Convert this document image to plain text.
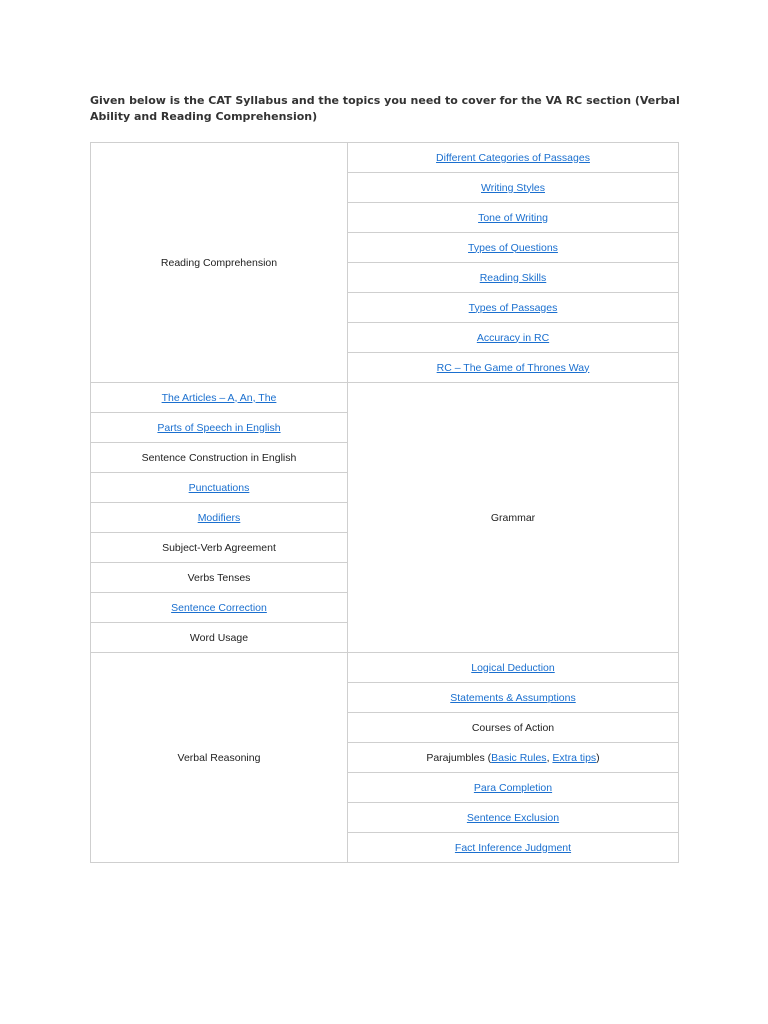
Given below is the CAT Syllabus and the topics you need to cover for the VA RC section (Verbal Ability and Reading Comprehension)
Reading Comprehension	Different Categories of Passages
	Writing Styles
	Tone of Writing
	Types of Questions
	Reading Skills
	Types of Passages
	Accuracy in RC
	RC – The Game of Thrones Way
The Articles – A, An, The	Grammar
Parts of Speech in English	
Sentence Construction in English	
Punctuations	
Modifiers	
Subject-Verb Agreement	
Verbs Tenses	
Sentence Correction	
Word Usage	
Verbal Reasoning	Logical Deduction
	Statements & Assumptions
	Courses of Action
	Parajumbles (Basic Rules, Extra tips)
	Para Completion
	Sentence Exclusion
	Fact Inference Judgment
